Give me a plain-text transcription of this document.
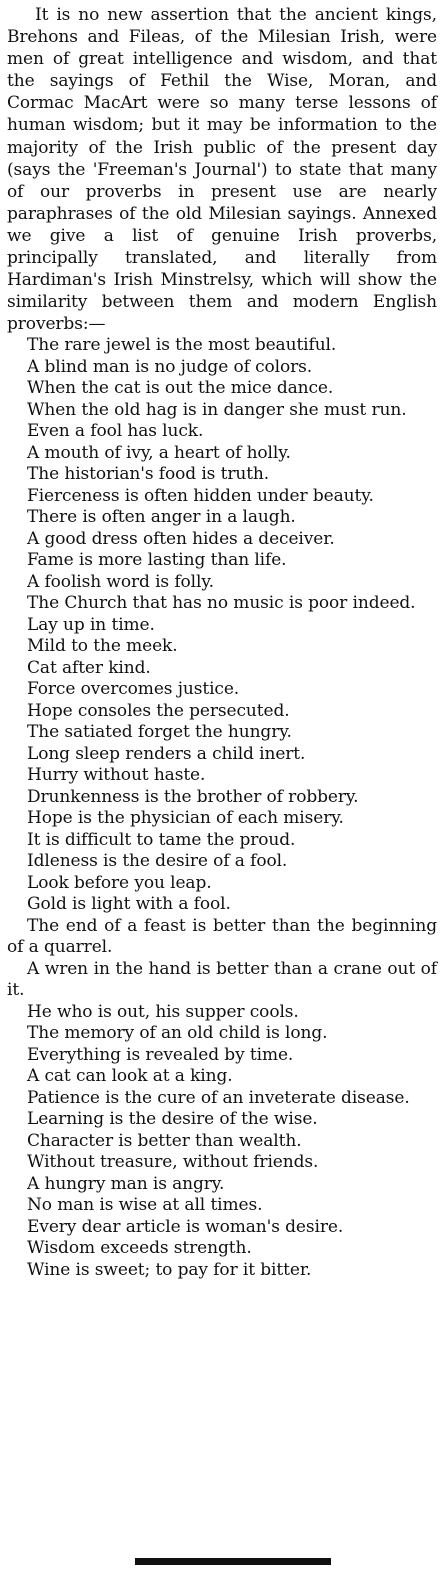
It is no new assertion that the ancient kings, Brehons and Fileas, of the Milesian Irish, were men of great intelligence and wisdom, and that the sayings of Fethil the Wise, Moran, and Cormac MacArt were so many terse lessons of human wisdom; but it may be information to the majority of the Irish public of the present day (says the 'Freeman's Journal') to state that many of our proverbs in present use are nearly paraphrases of the old Milesian sayings. Annexed we give a list of genuine Irish proverbs, principally translated, and literally from Hardiman's Irish Minstrelsy, which will show the similarity between them and modern English proverbs:—

The rare jewel is the most beautiful.
A blind man is no judge of colors.
When the cat is out the mice dance.
When the old hag is in danger she must run.
Even a fool has luck.
A mouth of ivy, a heart of holly.
The historian's food is truth.
Fierceness is often hidden under beauty.
There is often anger in a laugh.
A good dress often hides a deceiver.
Fame is more lasting than life.
A foolish word is folly.
The Church that has no music is poor indeed.
Lay up in time.
Mild to the meek.
Cat after kind.
Force overcomes justice.
Hope consoles the persecuted.
The satiated forget the hungry.
Long sleep renders a child inert.
Hurry without haste.
Drunkenness is the brother of robbery.
Hope is the physician of each misery.
It is difficult to tame the proud.
Idleness is the desire of a fool.
Look before you leap.
Gold is light with a fool.
The end of a feast is better than the beginning of a quarrel.
A wren in the hand is better than a crane out of it.
He who is out, his supper cools.
The memory of an old child is long.
Everything is revealed by time.
A cat can look at a king.
Patience is the cure of an inveterate disease.
Learning is the desire of the wise.
Character is better than wealth.
Without treasure, without friends.
A hungry man is angry.
No man is wise at all times.
Every dear article is woman's desire.
Wisdom exceeds strength.
Wine is sweet; to pay for it bitter.
